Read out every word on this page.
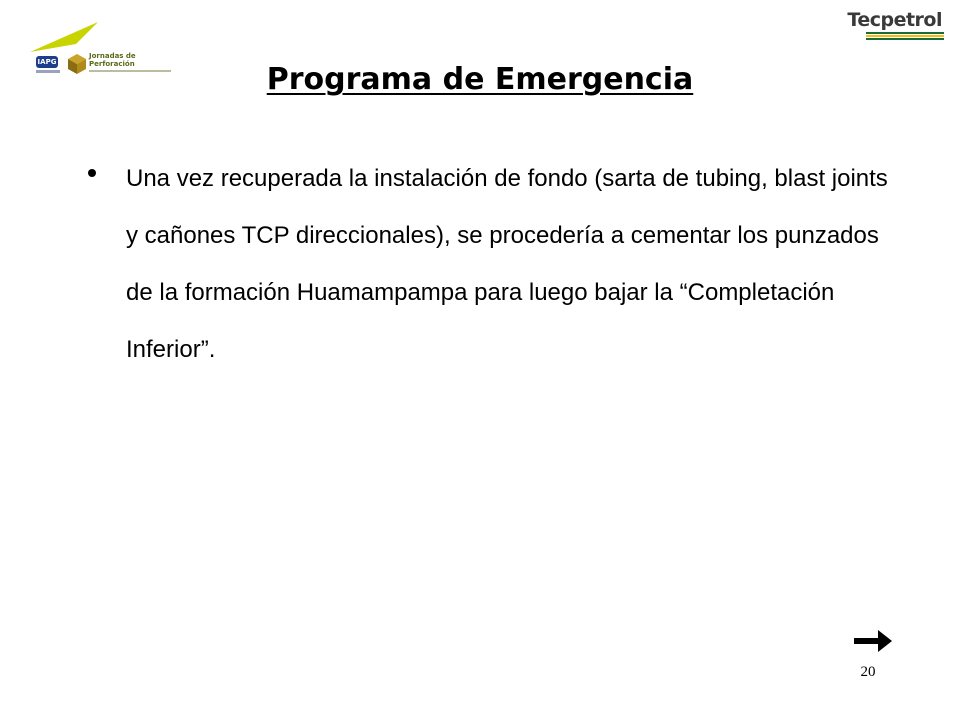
IAPG
Jornadas de Perforación
Tecpetrol
Programa de Emergencia
Una vez recuperada la instalación de fondo (sarta de tubing, blast joints y cañones TCP direccionales), se procedería a cementar los punzados de la formación Huamampampa para luego bajar la “Completación Inferior”.
20
